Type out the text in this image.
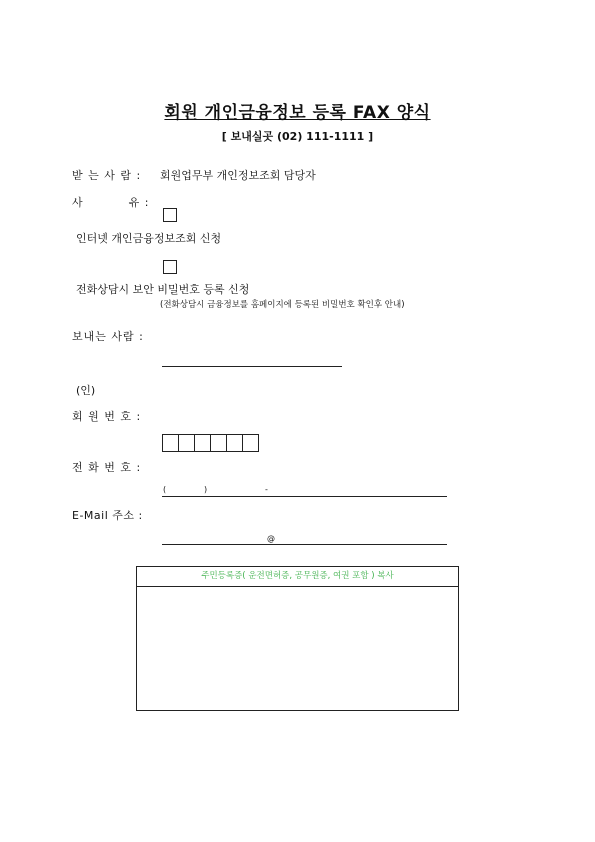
회원 개인금융정보 등록 FAX 양식
[ 보내실곳 (02) 111-1111 ]
받 는 사 람 : 회원업무부 개인정보조회 담당자
사          유 :
인터넷 개인금융정보조회 신청
전화상담시 보안 비밀번호 등록 신청
(전화상담시 금융정보를 홈페이지에 등록된 비밀번호 확인후 안내)
보내는 사람 :
(인)
회 원 번 호 :
전 화 번 호 :
(	)	-
E-Mail 주소 :
@
주민등록증( 운전면허증, 공무원증, 여권 포함 ) 복사
